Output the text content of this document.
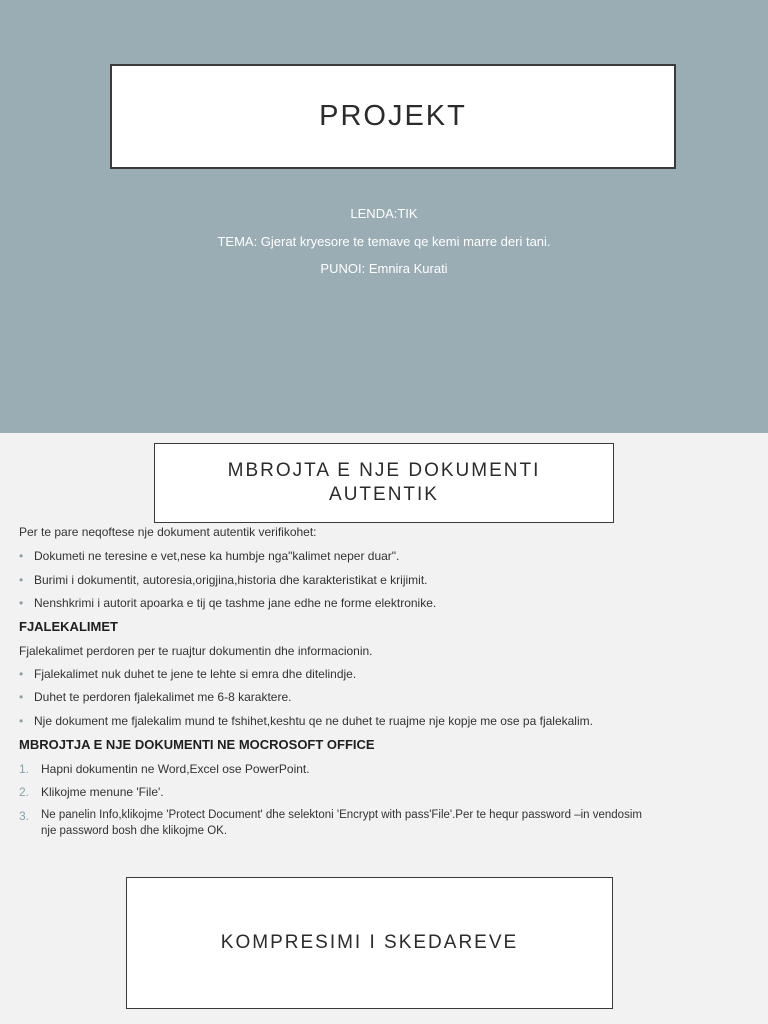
PROJEKT
LENDA:TIK
TEMA: Gjerat kryesore te temave qe kemi marre deri tani.
PUNOI: Emnira Kurati
MBROJTA E NJE DOKUMENTI AUTENTIK
Per te pare neqoftese nje dokument autentik verifikohet:
• Dokumeti ne teresine e vet,nese ka humbje nga"kalimet neper duar".
• Burimi i dokumentit, autoresia,origjina,historia dhe karakteristikat e krijimit.
• Nenshkrimi i autorit apoarka e tij qe tashme jane edhe ne forme elektronike.
FJALEKALIMET
Fjalekalimet perdoren per te ruajtur dokumentin dhe informacionin.
• Fjalekalimet nuk duhet te jene te lehte si emra dhe ditelindje.
• Duhet te perdoren fjalekalimet me 6-8 karaktere.
• Nje dokument me fjalekalim mund te fshihet,keshtu qe ne duhet te ruajme nje kopje me ose pa fjalekalim.
MBROJTJA E NJE DOKUMENTI NE MOCROSOFT OFFICE
1. Hapni dokumentin ne Word,Excel ose PowerPoint.
2. Klikojme menune 'File'.
3. Ne panelin Info,klikojme 'Protect Document' dhe selektoni 'Encrypt with pass'File'.Per te hequr password –in vendosim
nje password bosh dhe klikojme OK.
KOMPRESIMI I SKEDAREVE
